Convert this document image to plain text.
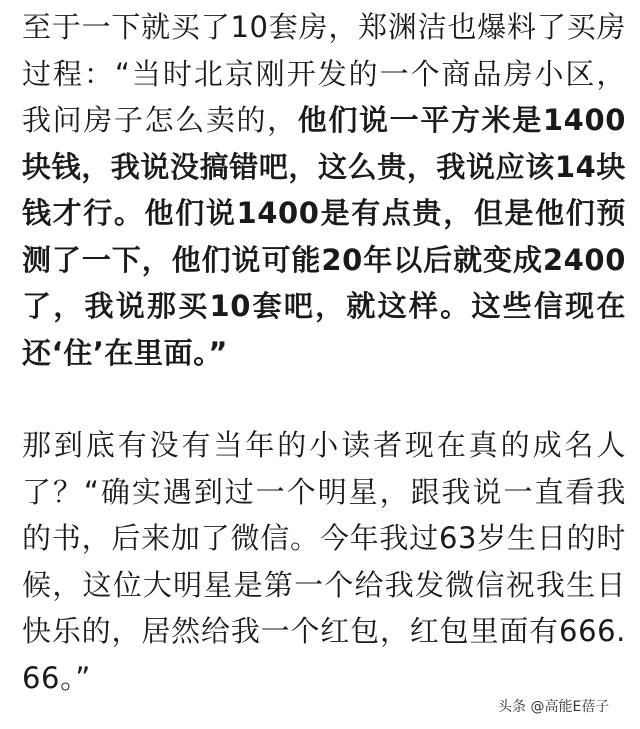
至于一下就买了10套房，郑渊洁也爆料了买房过程：“当时北京刚开发的一个商品房小区，我问房子怎么卖的，他们说一平方米是1400块钱，我说没搞错吧，这么贵，我说应该14块钱才行。他们说1400是有点贵，但是他们预测了一下，他们说可能20年以后就变成2400了，我说那买10套吧，就这样。这些信现在还‘住’在里面。”

那到底有没有当年的小读者现在真的成名人了？“确实遇到过一个明星，跟我说一直看我的书，后来加了微信。今年我过63岁生日的时候，这位大明星是第一个给我发微信祝我生日快乐的，居然给我一个红包，红包里面有666.66。”

头条 @高能E蓓子
